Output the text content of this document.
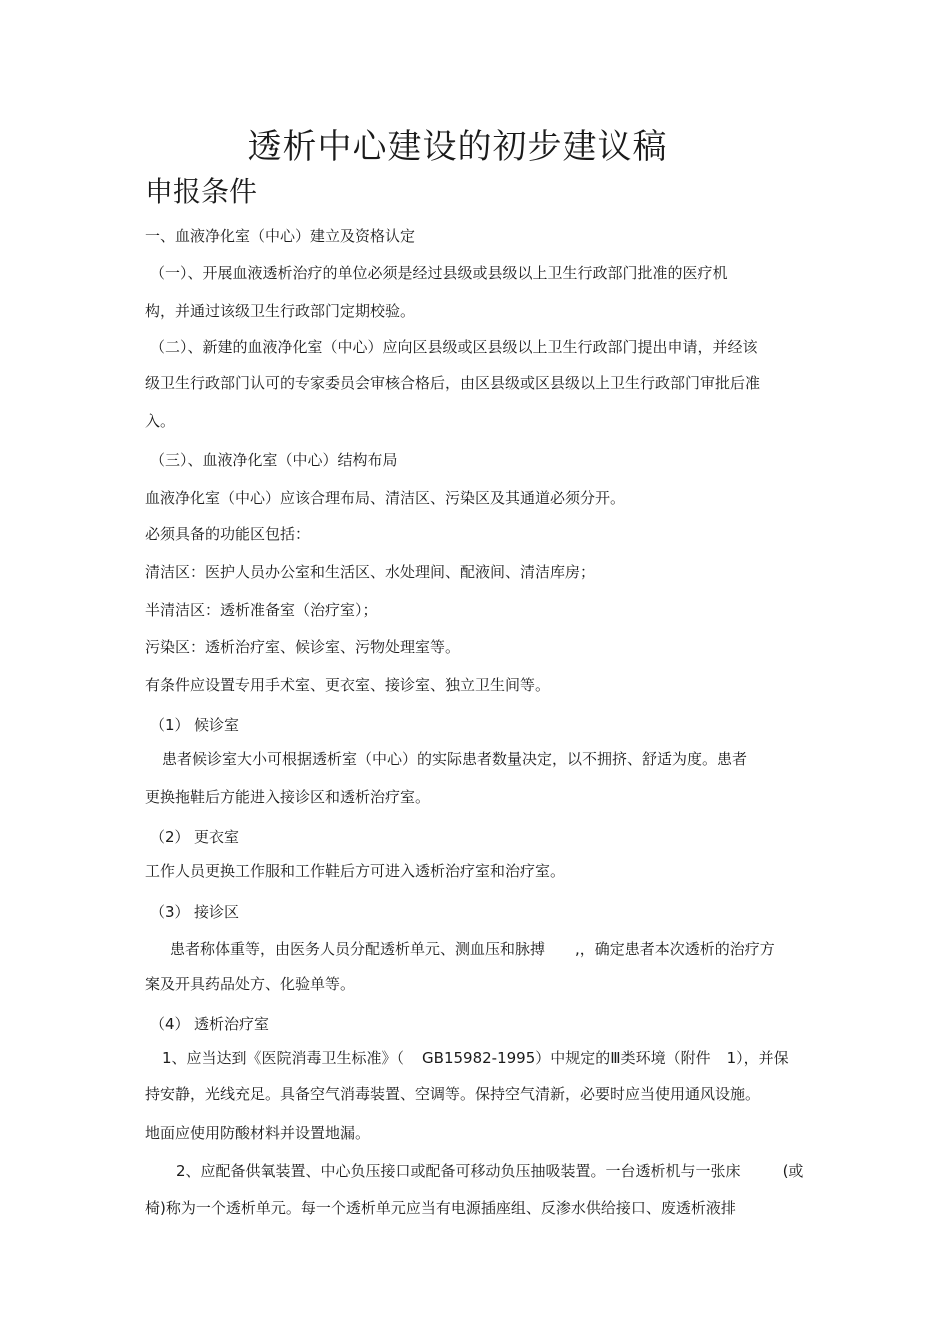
透析中心建设的初步建议稿
申报条件
一、血液净化室（中心）建立及资格认定
（一）、开展血液透析治疗的单位必须是经过县级或县级以上卫生行政部门批准的医疗机
构，并通过该级卫生行政部门定期校验。
（二）、新建的血液净化室（中心）应向区县级或区县级以上卫生行政部门提出申请，并经该
级卫生行政部门认可的专家委员会审核合格后，由区县级或区县级以上卫生行政部门审批后准
入。
（三）、血液净化室（中心）结构布局
血液净化室（中心）应该合理布局、清洁区、污染区及其通道必须分开。
必须具备的功能区包括：
清洁区：医护人员办公室和生活区、水处理间、配液间、清洁库房；
半清洁区：透析准备室（治疗室）；
污染区：透析治疗室、候诊室、污物处理室等。
有条件应设置专用手术室、更衣室、接诊室、独立卫生间等。
（1） 候诊室
患者候诊室大小可根据透析室（中心）的实际患者数量决定，以不拥挤、舒适为度。患者
更换拖鞋后方能进入接诊区和透析治疗室。
（2） 更衣室
工作人员更换工作服和工作鞋后方可进入透析治疗室和治疗室。
（3） 接诊区
患者称体重等，由医务人员分配透析单元、测血压和脉搏 ,，确定患者本次透析的治疗方
案及开具药品处方、化验单等。
（4） 透析治疗室
1、应当达到《医院消毒卫生标准》（ GB15982-1995）中规定的Ⅲ类环境（附件 1），并保
持安静，光线充足。具备空气消毒装置、空调等。保持空气清新，必要时应当使用通风设施。
地面应使用防酸材料并设置地漏。
2、应配备供氧装置、中心负压接口或配备可移动负压抽吸装置。一台透析机与一张床	(或
椅)称为一个透析单元。每一个透析单元应当有电源插座组、反渗水供给接口、废透析液排
